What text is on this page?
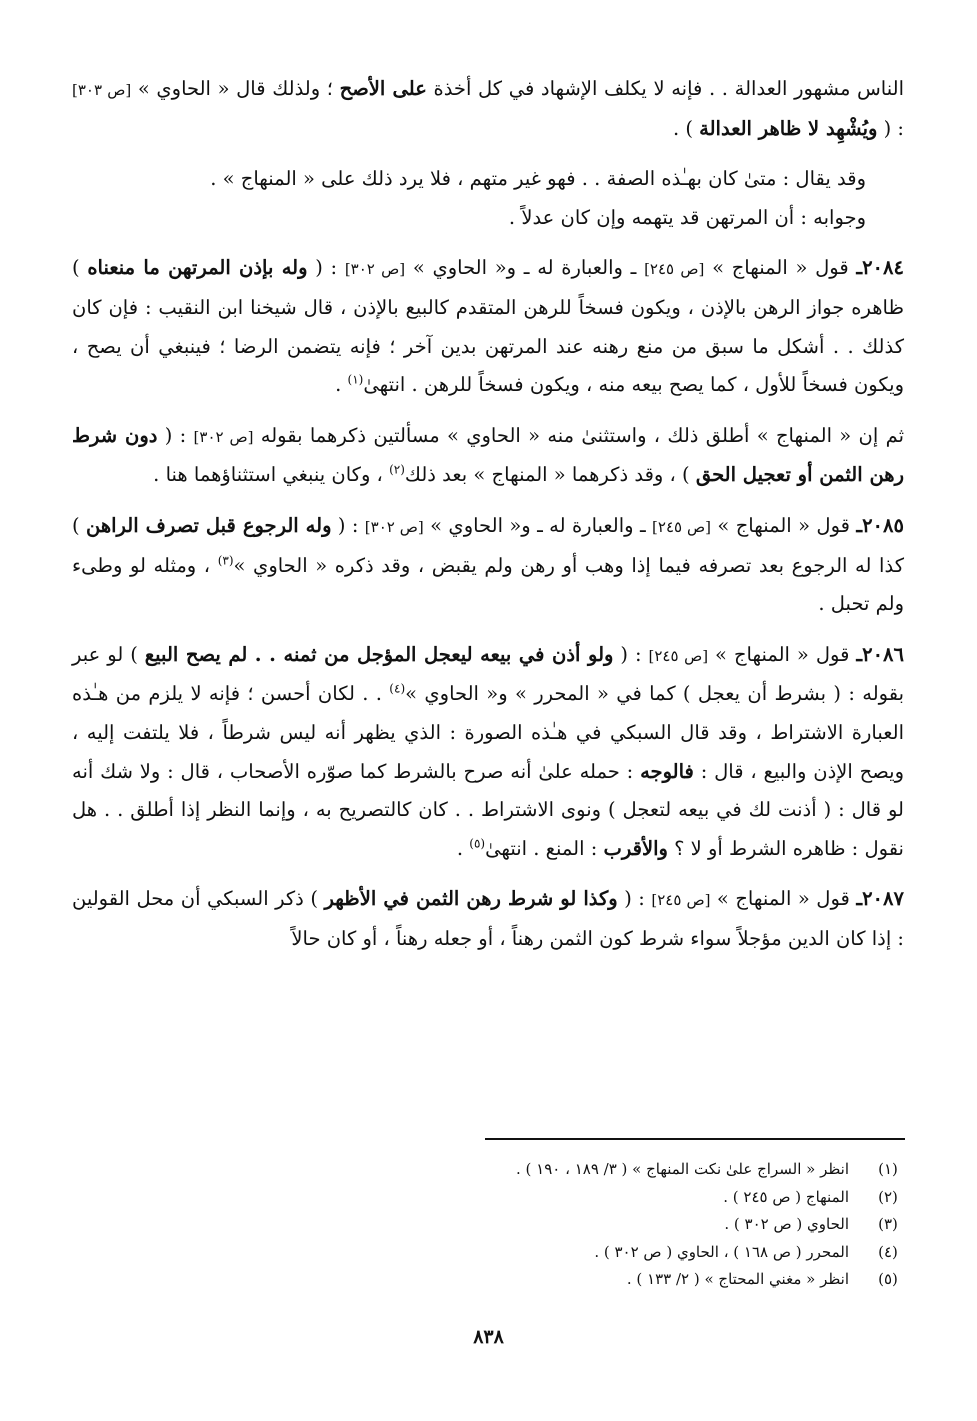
الناس مشهور العدالة . . فإنه لا يكلف الإشهاد في كل أخذة على الأصح ؛ ولذلك قال « الحاوي » [ص ٣٠٣] : ( ويُشْهِد لا ظاهر العدالة ) .

وقد يقال : متىٰ كان بهـٰذه الصفة . . فهو غير متهم ، فلا يرد ذلك على « المنهاج » .

وجوابه : أن المرتهن قد يتهمه وإن كان عدلاً .

٢٠٨٤ـ قول « المنهاج » [ص ٢٤٥] ـ والعبارة له ـ و« الحاوي » [ص ٣٠٢] : ( وله بإذن المرتهن ما منعناه ) ظاهره جواز الرهن بالإذن ، ويكون فسخاً للرهن المتقدم كالبيع بالإذن ، قال شيخنا ابن النقيب : فإن كان كذلك . . أشكل ما سبق من منع رهنه عند المرتهن بدين آخر ؛ فإنه يتضمن الرضا ؛ فينبغي أن يصح ، ويكون فسخاً للأول ، كما يصح بيعه منه ، ويكون فسخاً للرهن . انتهىٰ$^{(١)}$ .

ثم إن « المنهاج » أطلق ذلك ، واستثنىٰ منه « الحاوي » مسألتين ذكرهما بقوله [ص ٣٠٢] : ( دون شرط رهن الثمن أو تعجيل الحق ) ، وقد ذكرهما « المنهاج » بعد ذلك$^{(٢)}$ ، وكان ينبغي استثناؤهما هنا .

٢٠٨٥ـ قول « المنهاج » [ص ٢٤٥] ـ والعبارة له ـ و« الحاوي » [ص ٣٠٢] : ( وله الرجوع قبل تصرف الراهن ) كذا له الرجوع بعد تصرفه فيما إذا وهب أو رهن ولم يقبض ، وقد ذكره « الحاوي »$^{(٣)}$ ، ومثله لو وطىء ولم تحبل .

٢٠٨٦ـ قول « المنهاج » [ص ٢٤٥] : ( ولو أذن في بيعه ليعجل المؤجل من ثمنه . . لم يصح البيع ) لو عبر بقوله : ( بشرط أن يعجل ) كما في « المحرر » و« الحاوي »$^{(٤)}$ . . لكان أحسن ؛ فإنه لا يلزم من هـٰذه العبارة الاشتراط ، وقد قال السبكي في هـٰذه الصورة : الذي يظهر أنه ليس شرطاً ، فلا يلتفت إليه ، ويصح الإذن والبيع ، قال : فالوجه : حمله علىٰ أنه صرح بالشرط كما صوّره الأصحاب ، قال : ولا شك أنه لو قال : ( أذنت لك في بيعه لتعجل ) ونوى الاشتراط . . كان كالتصريح به ، وإنما النظر إذا أطلق . . هل نقول : ظاهره الشرط أو لا ؟ والأقرب : المنع . انتهىٰ$^{(٥)}$ .

٢٠٨٧ـ قول « المنهاج » [ص ٢٤٥] : ( وكذا لو شرط رهن الثمن في الأظهر ) ذكر السبكي أن محل القولين : إذا كان الدين مؤجلاً سواء شرط كون الثمن رهناً ، أو جعله رهناً ، أو كان حالاً

(١)
انظر « السراج علىٰ نكت المنهاج » ( ٣/ ١٨٩ ، ١٩٠ ) .
(٢)
المنهاج ( ص ٢٤٥ ) .
(٣)
الحاوي ( ص ٣٠٢ ) .
(٤)
المحرر ( ص ١٦٨ ) ، الحاوي ( ص ٣٠٢ ) .
(٥)
انظر « مغني المحتاج » ( ٢/ ١٣٣ ) .
٨٣٨
